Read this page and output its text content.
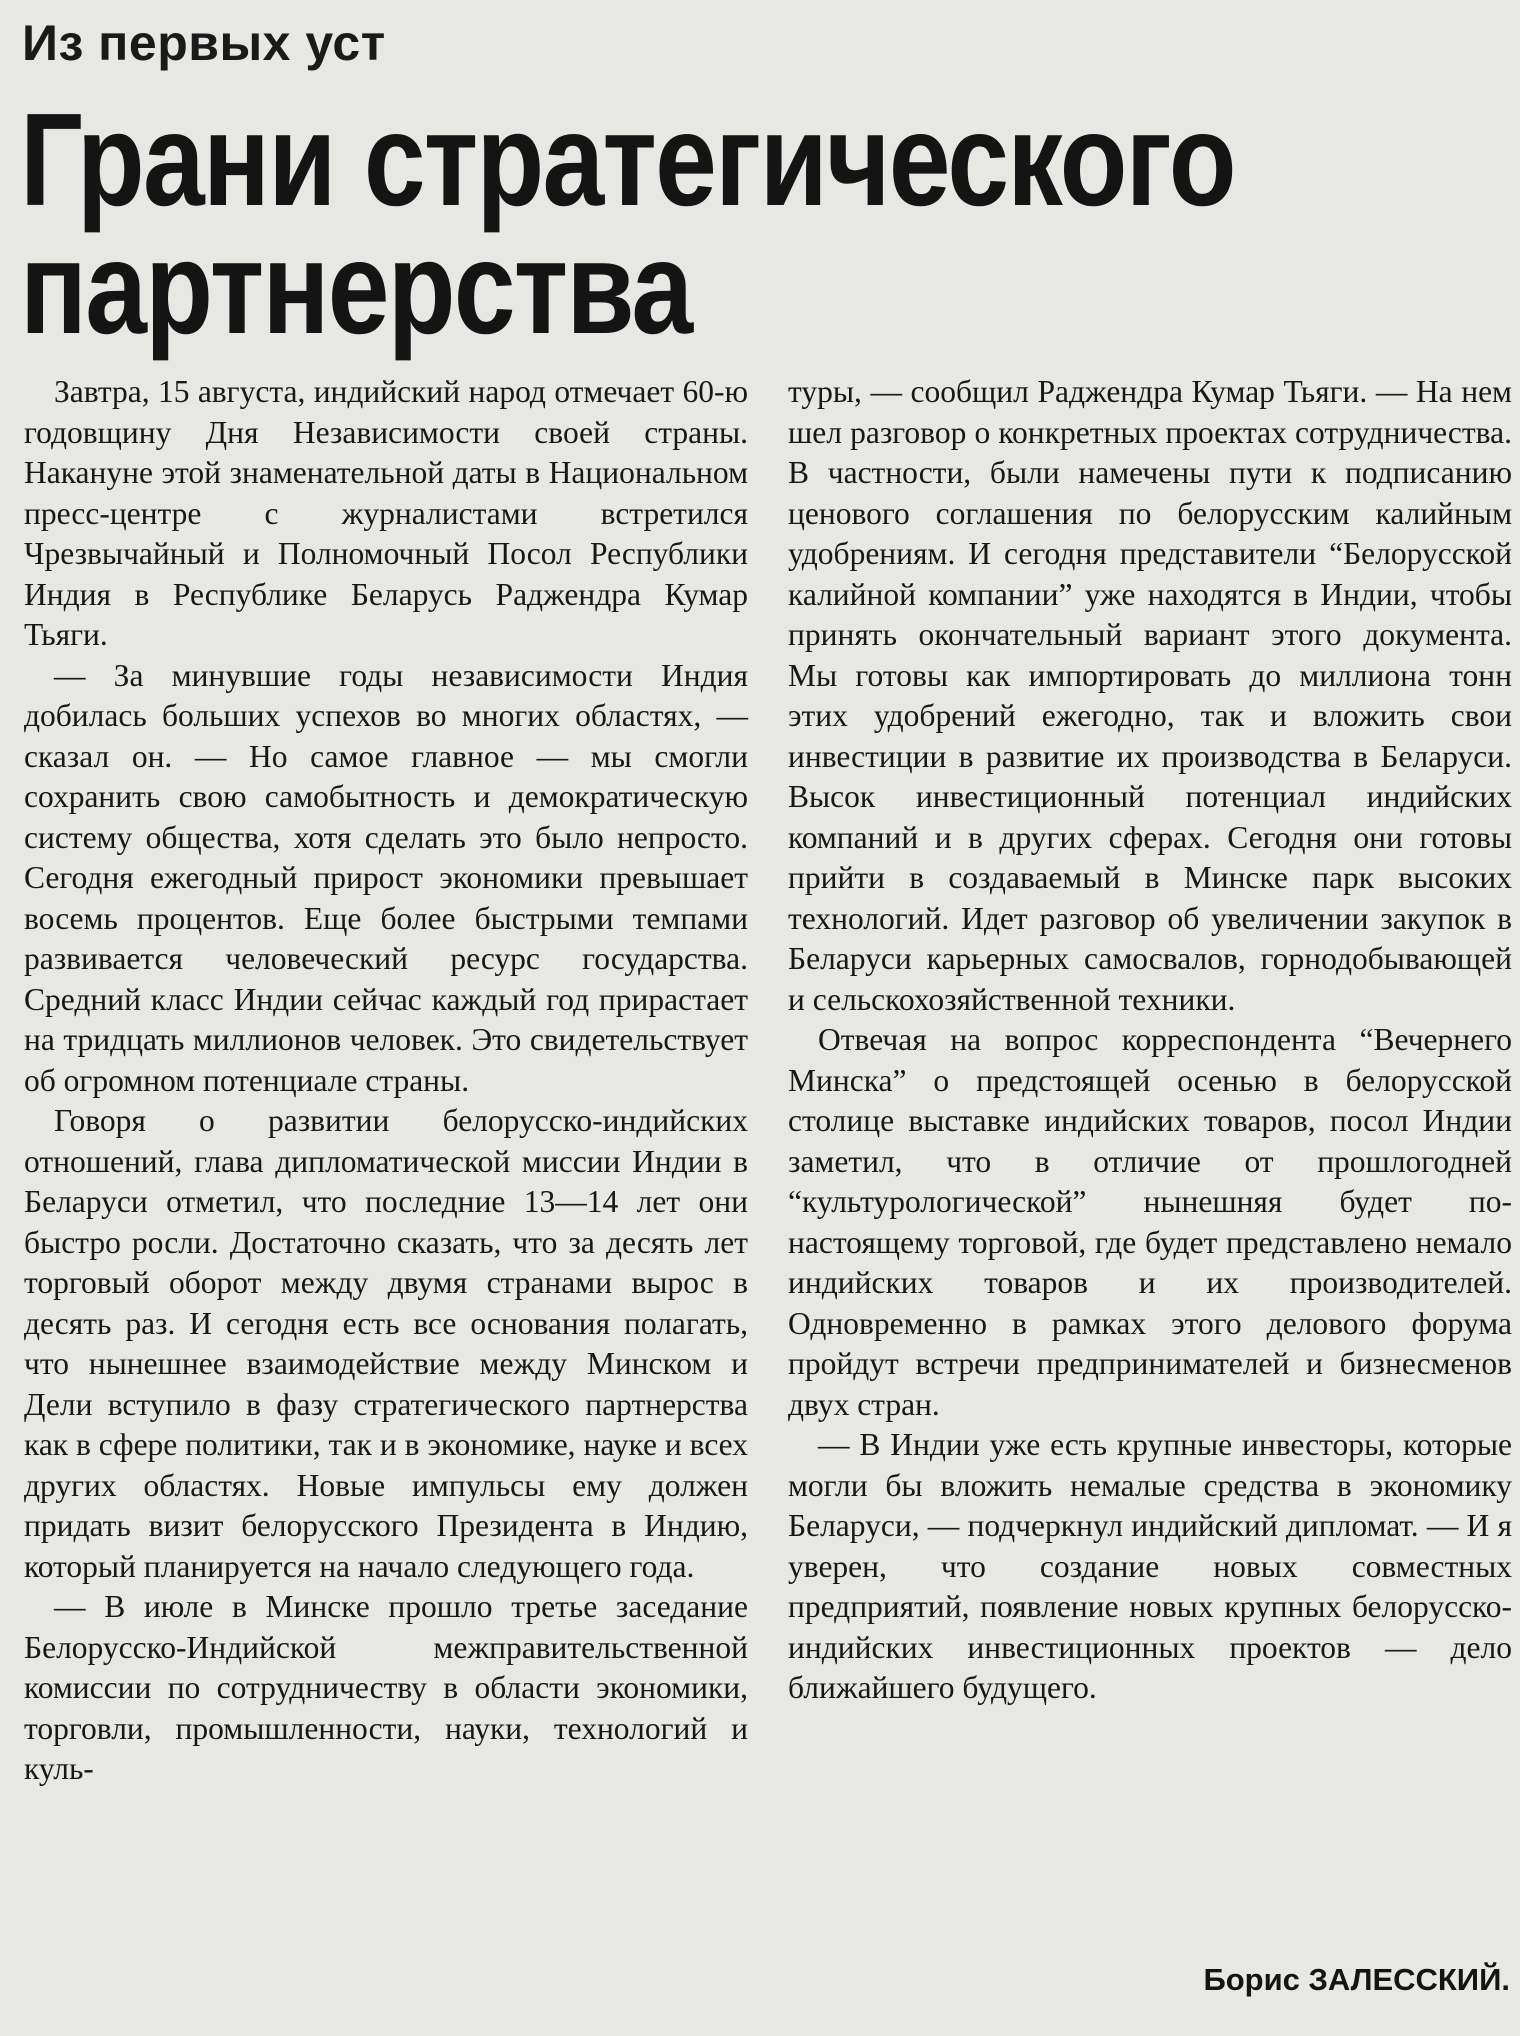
Из первых уст
Грани стратегического
партнерства

Завтра, 15 августа, индийский народ отмечает 60-ю годовщину Дня Независимости своей страны. Накануне этой знаменательной даты в Национальном пресс-центре с журналистами встретился Чрезвычайный и Полномочный Посол Республики Индия в Республике Беларусь Раджендра Кумар Тьяги.

— За минувшие годы независимости Индия добилась больших успехов во многих областях, — сказал он. — Но самое главное — мы смогли сохранить свою самобытность и демократическую систему общества, хотя сделать это было непросто. Сегодня ежегодный прирост экономики превышает восемь процентов. Еще более быстрыми темпами развивается человеческий ресурс государства. Средний класс Индии сейчас каждый год прирастает на тридцать миллионов человек. Это свидетельствует об огромном потенциале страны.

Говоря о развитии белорусско-индийских отношений, глава дипломатической миссии Индии в Беларуси отметил, что последние 13—14 лет они быстро росли. Достаточно сказать, что за десять лет торговый оборот между двумя странами вырос в десять раз. И сегодня есть все основания полагать, что нынешнее взаимодействие между Минском и Дели вступило в фазу стратегического партнерства как в сфере политики, так и в экономике, науке и всех других областях. Новые импульсы ему должен придать визит белорусского Президента в Индию, который планируется на начало следующего года.

— В июле в Минске прошло третье заседание Белорусско-Индийской межправительственной комиссии по сотрудничеству в области экономики, торговли, промышленности, науки, технологий и куль-

туры, — сообщил Раджендра Кумар Тьяги. — На нем шел разговор о конкретных проектах сотрудничества. В частности, были намечены пути к подписанию ценового соглашения по белорусским калийным удобрениям. И сегодня представители “Белорусской калийной компании” уже находятся в Индии, чтобы принять окончательный вариант этого документа. Мы готовы как импортировать до миллиона тонн этих удобрений ежегодно, так и вложить свои инвестиции в развитие их производства в Беларуси. Высок инвестиционный потенциал индийских компаний и в других сферах. Сегодня они готовы прийти в создаваемый в Минске парк высоких технологий. Идет разговор об увеличении закупок в Беларуси карьерных самосвалов, горнодобывающей и сельскохозяйственной техники.

Отвечая на вопрос корреспондента “Вечернего Минска” о предстоящей осенью в белорусской столице выставке индийских товаров, посол Индии заметил, что в отличие от прошлогодней “культурологической” нынешняя будет по-настоящему торговой, где будет представлено немало индийских товаров и их производителей. Одновременно в рамках этого делового форума пройдут встречи предпринимателей и бизнесменов двух стран.

— В Индии уже есть крупные инвесторы, которые могли бы вложить немалые средства в экономику Беларуси, — подчеркнул индийский дипломат. — И я уверен, что создание новых совместных предприятий, появление новых крупных белорусско-индийских инвестиционных проектов — дело ближайшего будущего.

Борис ЗАЛЕССКИЙ.
